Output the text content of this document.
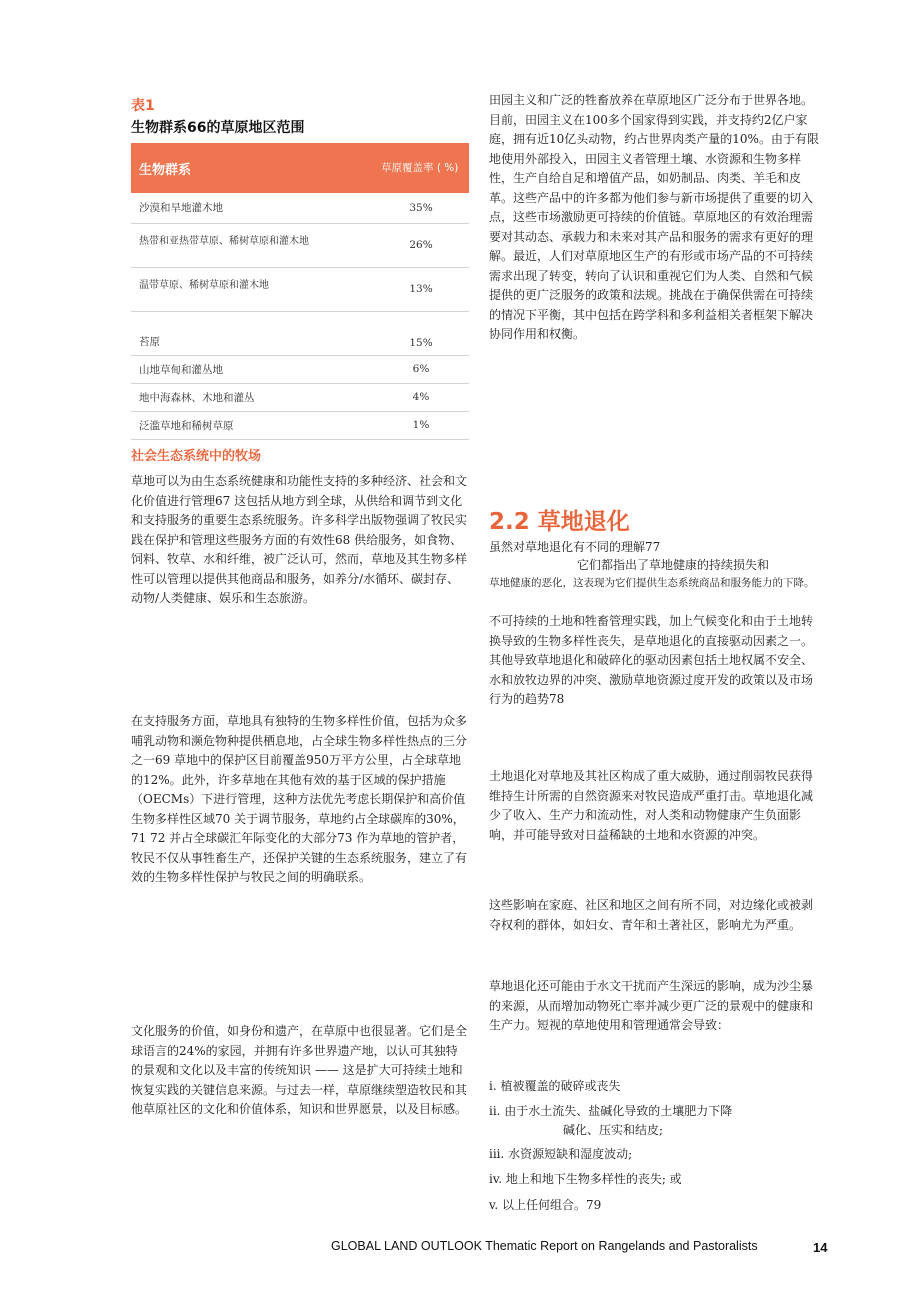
表1
生物群系66的草原地区范围
生物群系	草原覆盖率 ( %)
沙漠和旱地灌木地	35%
热带和亚热带草原、稀树草原和灌木地	26%
温带草原、稀树草原和灌木地	13%
苔原	15%
山地草甸和灌丛地	6%
地中海森林、木地和灌丛	4%
泛滥草地和稀树草原	1%
社会生态系统中的牧场

草地可以为由生态系统健康和功能性支持的多种经济、社会和文化价值进行管理67 这包括从地方到全球，从供给和调节到文化和支持服务的重要生态系统服务。许多科学出版物强调了牧民实践在保护和管理这些服务方面的有效性68 供给服务，如食物、饲料、牧草、水和纤维，被广泛认可，然而，草地及其生物多样性可以管理以提供其他商品和服务，如养分/水循环、碳封存、动物/人类健康、娱乐和生态旅游。

在支持服务方面，草地具有独特的生物多样性价值，包括为众多哺乳动物和濒危物种提供栖息地，占全球生物多样性热点的三分之一69 草地中的保护区目前覆盖950万平方公里，占全球草地的12%。此外，许多草地在其他有效的基于区域的保护措施（OECMs）下进行管理，这种方法优先考虑长期保护和高价值生物多样性区域70 关于调节服务，草地约占全球碳库的30%，71 72 并占全球碳汇年际变化的大部分73 作为草地的管护者，牧民不仅从事牲畜生产，还保护关键的生态系统服务，建立了有效的生物多样性保护与牧民之间的明确联系。

文化服务的价值，如身份和遗产，在草原中也很显著。它们是全球语言的24%的家园，并拥有许多世界遗产地，以认可其独特的景观和文化以及丰富的传统知识 —— 这是扩大可持续土地和恢复实践的关键信息来源。与过去一样，草原继续塑造牧民和其他草原社区的文化和价值体系，知识和世界愿景，以及目标感。

田园主义和广泛的牲畜放养在草原地区广泛分布于世界各地。目前，田园主义在100多个国家得到实践，并支持约2亿户家庭，拥有近10亿头动物，约占世界肉类产量的10%。由于有限地使用外部投入，田园主义者管理土壤、水资源和生物多样性，生产自给自足和增值产品，如奶制品、肉类、羊毛和皮革。这些产品中的许多都为他们参与新市场提供了重要的切入点，这些市场激励更可持续的价值链。草原地区的有效治理需要对其动态、承载力和未来对其产品和服务的需求有更好的理解。最近，人们对草原地区生产的有形或市场产品的不可持续需求出现了转变，转向了认识和重视它们为人类、自然和气候提供的更广泛服务的政策和法规。挑战在于确保供需在可持续的情况下平衡，其中包括在跨学科和多利益相关者框架下解决协同作用和权衡。

2.2 草地退化
虽然对草地退化有不同的理解77
它们都指出了草地健康的持续损失和
草地健康的恶化，这表现为它们提供生态系统商品和服务能力的下降。

不可持续的土地和牲畜管理实践，加上气候变化和由于土地转换导致的生物多样性丧失，是草地退化的直接驱动因素之一。其他导致草地退化和破碎化的驱动因素包括土地权属不安全、水和放牧边界的冲突、激励草地资源过度开发的政策以及市场行为的趋势78

土地退化对草地及其社区构成了重大威胁，通过削弱牧民获得维持生计所需的自然资源来对牧民造成严重打击。草地退化减少了收入、生产力和流动性，对人类和动物健康产生负面影响，并可能导致对日益稀缺的土地和水资源的冲突。

这些影响在家庭、社区和地区之间有所不同，对边缘化或被剥夺权利的群体，如妇女、青年和土著社区，影响尤为严重。

草地退化还可能由于水文干扰而产生深远的影响，成为沙尘暴的来源，从而增加动物死亡率并减少更广泛的景观中的健康和生产力。短视的草地使用和管理通常会导致：

i. 植被覆盖的破碎或丧失
ii. 由于水土流失、盐碱化导致的土壤肥力下降
碱化、压实和结皮;
iii. 水资源短缺和湿度波动;
iv. 地上和地下生物多样性的丧失; 或
v. 以上任何组合。79
GLOBAL LAND OUTLOOK Thematic Report on Rangelands and Pastoralists	14
